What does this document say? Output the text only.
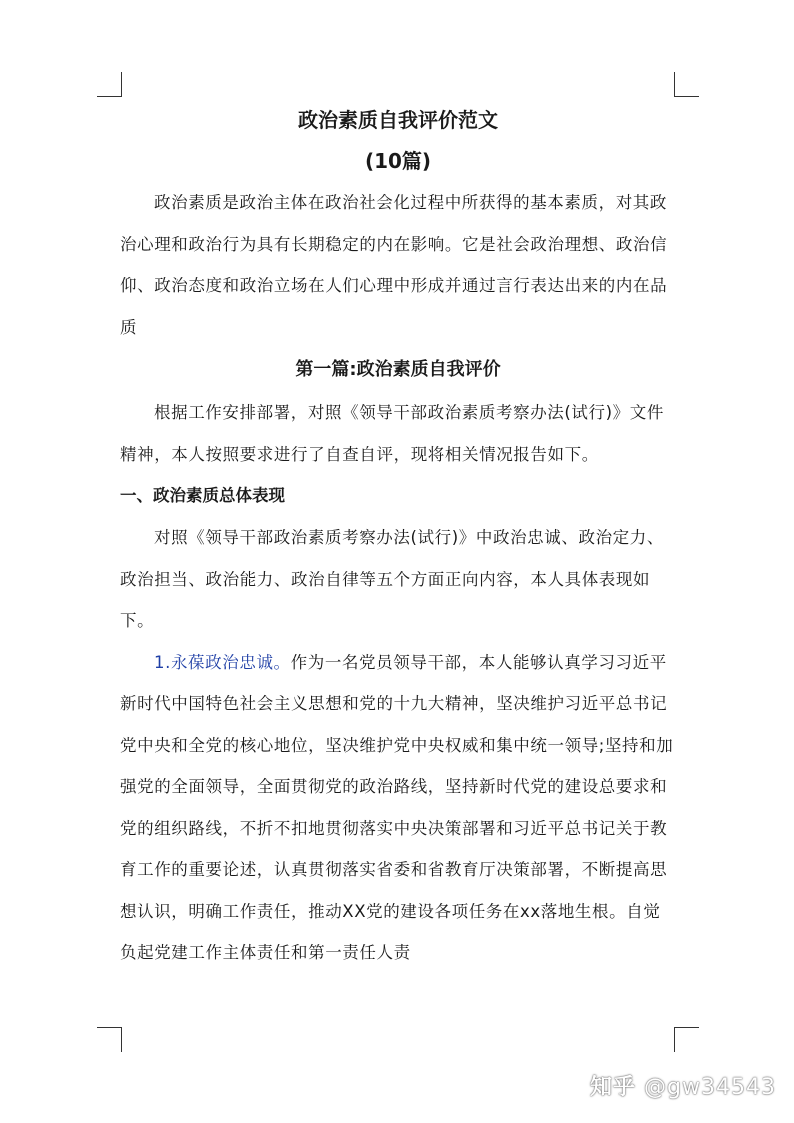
政治素质自我评价范文
(10篇)

政治素质是政治主体在政治社会化过程中所获得的基本素质，对其政治心理和政治行为具有长期稳定的内在影响。它是社会政治理想、政治信仰、政治态度和政治立场在人们心理中形成并通过言行表达出来的内在品质

第一篇:政治素质自我评价

根据工作安排部署，对照《领导干部政治素质考察办法(试行)》文件精神，本人按照要求进行了自查自评，现将相关情况报告如下。

一、政治素质总体表现

对照《领导干部政治素质考察办法(试行)》中政治忠诚、政治定力、政治担当、政治能力、政治自律等五个方面正向内容，本人具体表现如下。

1.永葆政治忠诚。作为一名党员领导干部，本人能够认真学习习近平新时代中国特色社会主义思想和党的十九大精神，坚决维护习近平总书记党中央和全党的核心地位，坚决维护党中央权威和集中统一领导;坚持和加强党的全面领导，全面贯彻党的政治路线，坚持新时代党的建设总要求和党的组织路线，不折不扣地贯彻落实中央决策部署和习近平总书记关于教育工作的重要论述，认真贯彻落实省委和省教育厅决策部署，不断提高思想认识，明确工作责任，推动XX党的建设各项任务在xx落地生根。自觉负起党建工作主体责任和第一责任人责

知乎 @gw34543
